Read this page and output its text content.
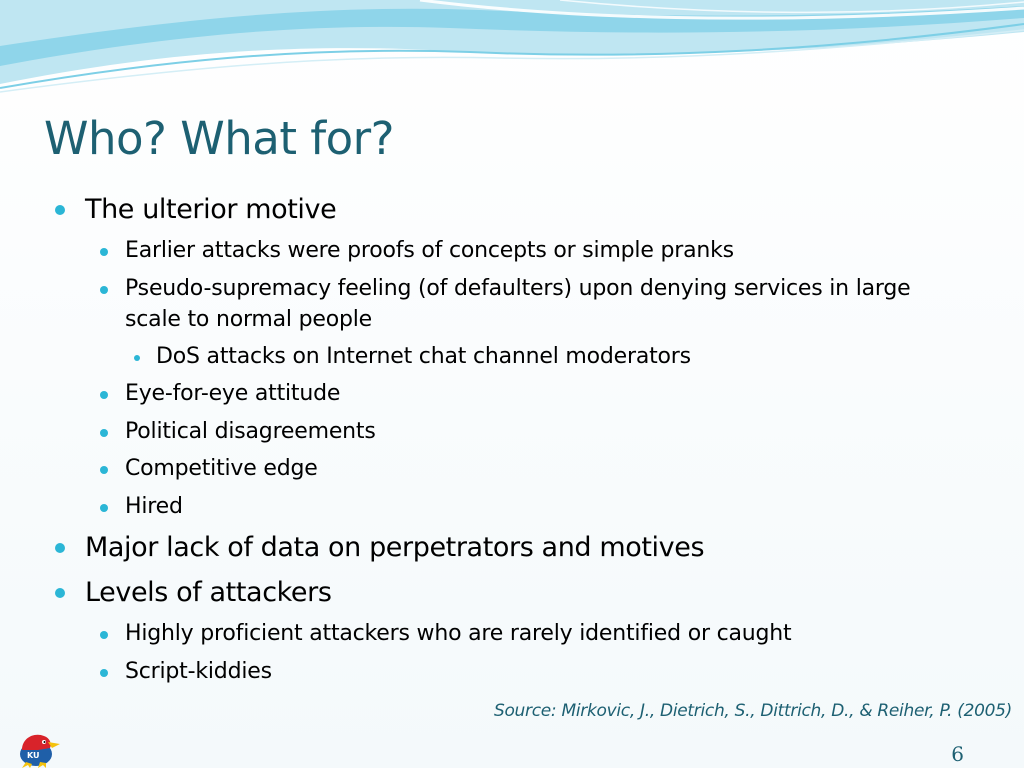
Who? What for?
The ulterior motive
Earlier attacks were proofs of concepts or simple pranks
Pseudo-supremacy feeling (of defaulters) upon denying services in large
scale to normal people
DoS attacks on Internet chat channel moderators
Eye-for-eye attitude
Political disagreements
Competitive edge
Hired
Major lack of data on perpetrators and motives
Levels of attackers
Highly proficient attackers who are rarely identified or caught
Script-kiddies
Source: Mirkovic, J., Dietrich, S., Dittrich, D., & Reiher, P. (2005)
KU	6
